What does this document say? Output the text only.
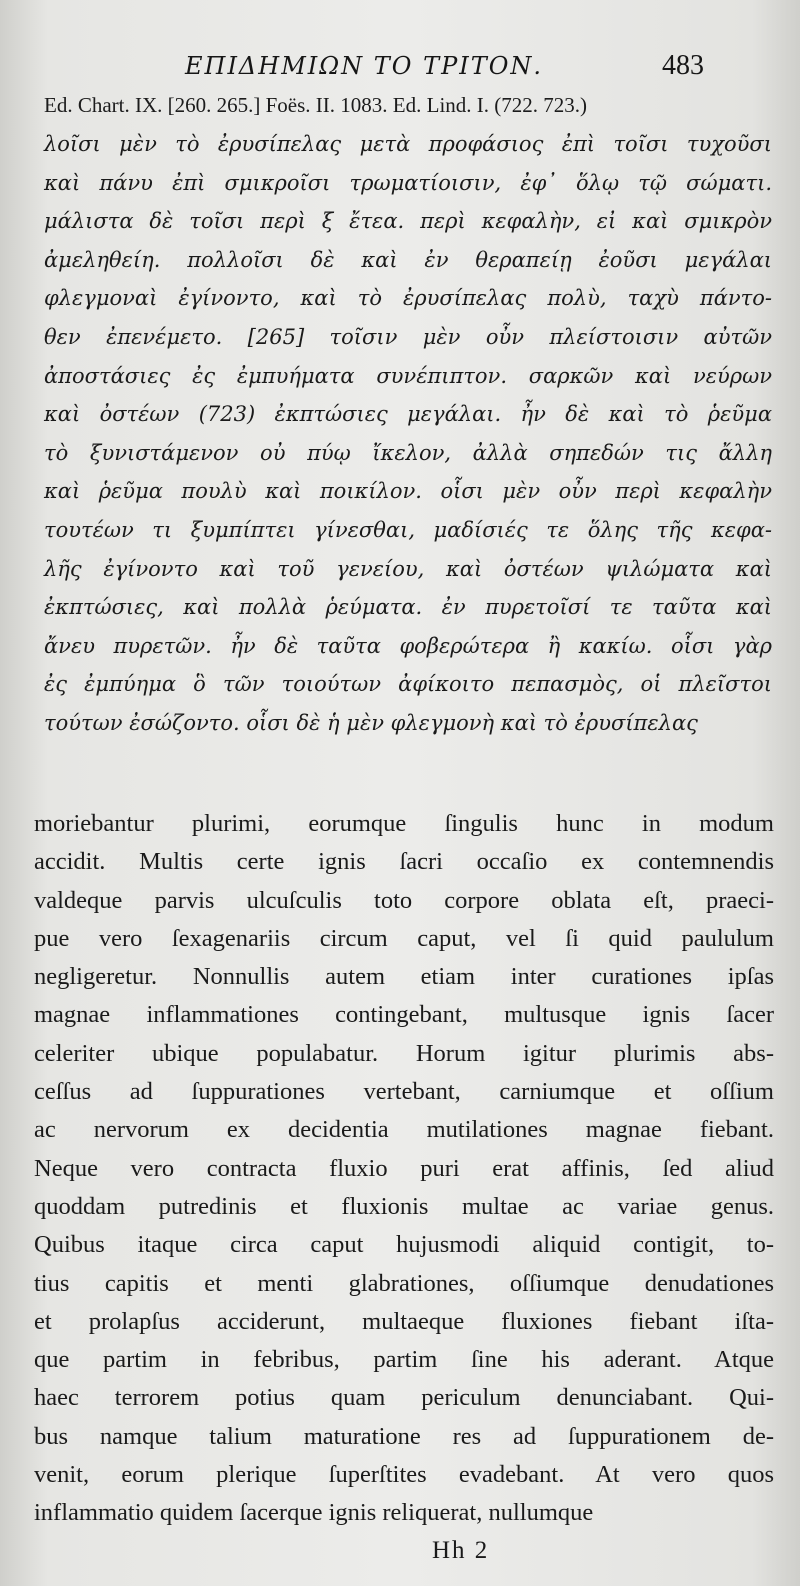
ΕΠΙΔΗΜΙΩΝ ΤΟ ΤΡΙΤΟΝ.	483
Ed. Chart. IX. [260. 265.] Foës. II. 1083. Ed. Lind. I. (722. 723.)
λοῖσι μὲν τὸ ἐρυσίπελας μετὰ προφάσιος ἐπὶ τοῖσι τυχοῦσι
καὶ πάνυ ἐπὶ σμικροῖσι τρωματίοισιν, ἐφ᾽ ὅλῳ τῷ σώματι.
μάλιστα δὲ τοῖσι περὶ ξ ἔτεα. περὶ κεφαλὴν, εἰ καὶ σμικρὸν
ἀμεληθείη. πολλοῖσι δὲ καὶ ἐν θεραπείῃ ἐοῦσι μεγάλαι
φλεγμοναὶ ἐγίνοντο, καὶ τὸ ἐρυσίπελας πολὺ, ταχὺ πάντο-
θεν ἐπενέμετο. [265] τοῖσιν μὲν οὖν πλείστοισιν αὐτῶν
ἀποστάσιες ἐς ἐμπυήματα συνέπιπτον. σαρκῶν καὶ νεύρων
καὶ ὀστέων (723) ἐκπτώσιες μεγάλαι. ἦν δὲ καὶ τὸ ῥεῦμα
τὸ ξυνιστάμενον οὐ πύῳ ἴκελον, ἀλλὰ σηπεδών τις ἄλλη
καὶ ῥεῦμα πουλὺ καὶ ποικίλον. οἷσι μὲν οὖν περὶ κεφαλὴν
τουτέων τι ξυμπίπτει γίνεσθαι, μαδίσιές τε ὅλης τῆς κεφα-
λῆς ἐγίνοντο καὶ τοῦ γενείου, καὶ ὀστέων ψιλώματα καὶ
ἐκπτώσιες, καὶ πολλὰ ῥεύματα. ἐν πυρετοῖσί τε ταῦτα καὶ
ἄνευ πυρετῶν. ἦν δὲ ταῦτα φοβερώτερα ἢ κακίω. οἷσι γὰρ
ἐς ἐμπύημα ὃ τῶν τοιούτων ἀφίκοιτο πεπασμὸς, οἱ πλεῖστοι
τούτων ἐσώζοντο. οἷσι δὲ ἡ μὲν φλεγμονὴ καὶ τὸ ἐρυσίπελας
moriebantur plurimi, eorumque ſingulis hunc in modum
accidit. Multis certe ignis ſacri occaſio ex contemnendis
valdeque parvis ulcuſculis toto corpore oblata eſt, praeci-
pue vero ſexagenariis circum caput, vel ſi quid paululum
negligeretur. Nonnullis autem etiam inter curationes ipſas
magnae inflammationes contingebant, multusque ignis ſacer
celeriter ubique populabatur. Horum igitur plurimis abs-
ceſſus ad ſuppurationes vertebant, carniumque et oſſium
ac nervorum ex decidentia mutilationes magnae fiebant.
Neque vero contracta fluxio puri erat affinis, ſed aliud
quoddam putredinis et fluxionis multae ac variae genus.
Quibus itaque circa caput hujusmodi aliquid contigit, to-
tius capitis et menti glabrationes, oſſiumque denudationes
et prolapſus acciderunt, multaeque fluxiones fiebant iſta-
que partim in febribus, partim ſine his aderant. Atque
haec terrorem potius quam periculum denunciabant. Qui-
bus namque talium maturatione res ad ſuppurationem de-
venit, eorum plerique ſuperſtites evadebant. At vero quos
inflammatio quidem ſacerque ignis reliquerat, nullumque
Hh 2
